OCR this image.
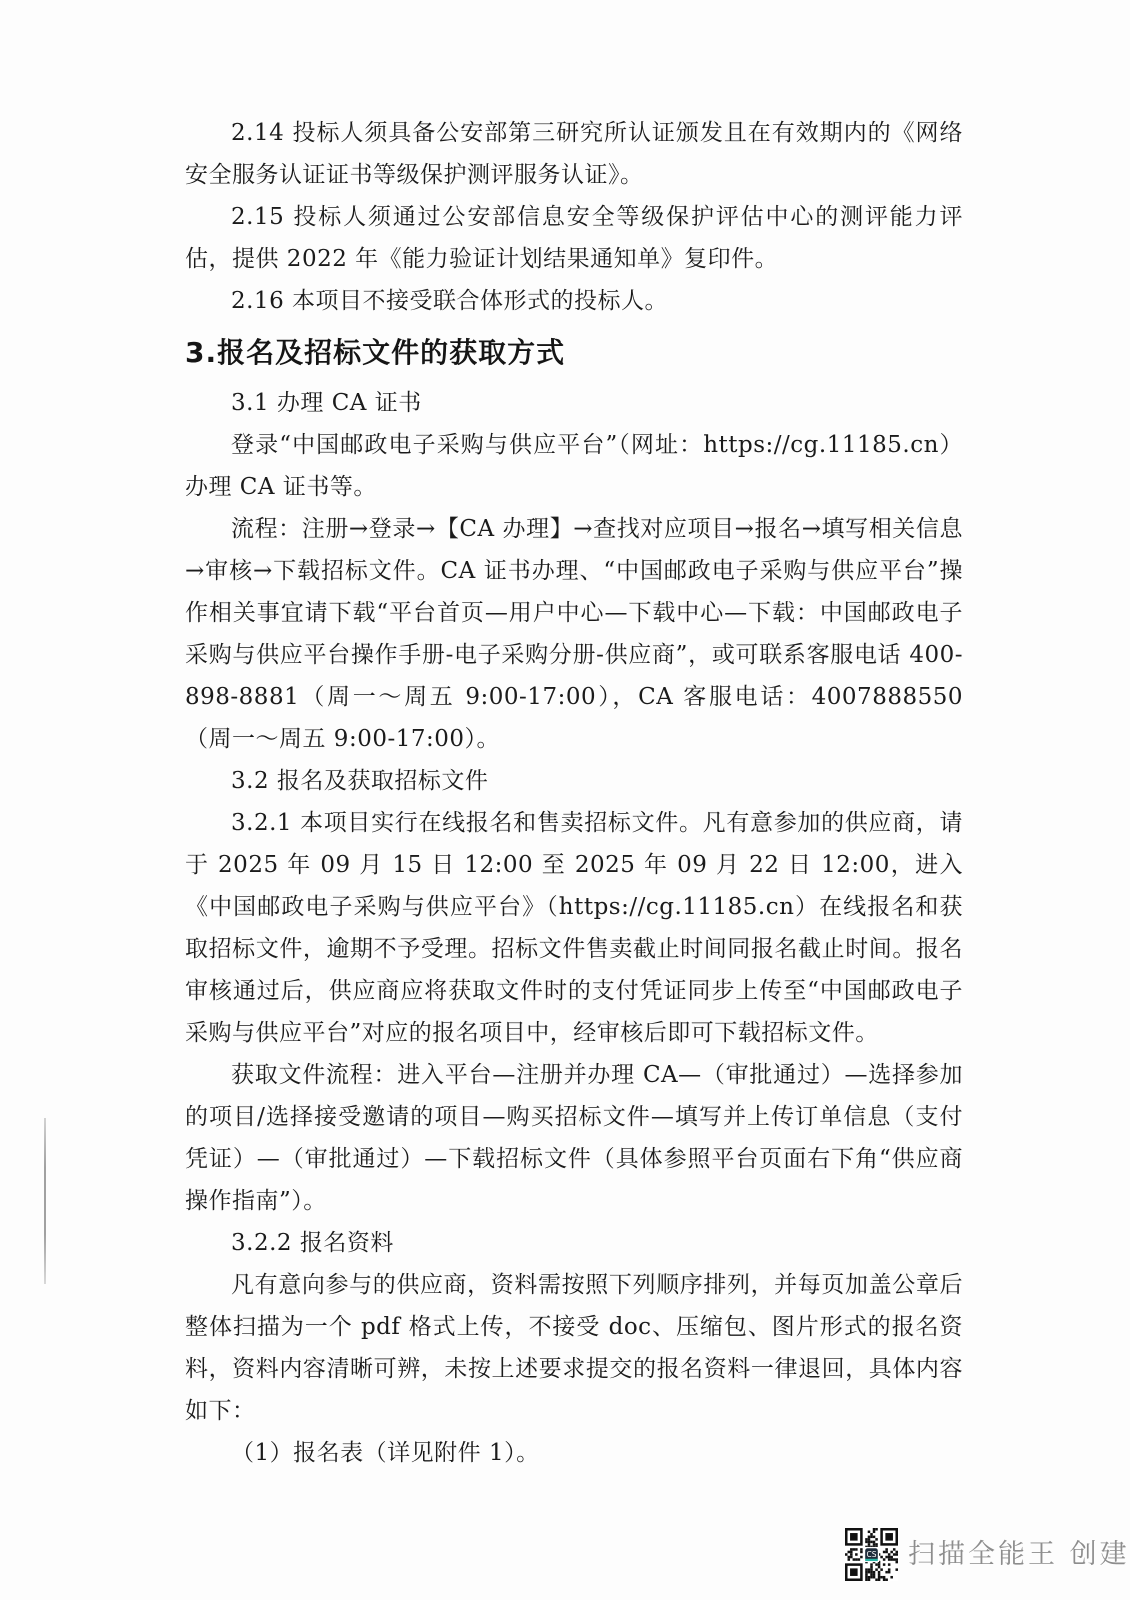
2.14 投标人须具备公安部第三研究所认证颁发且在有效期内的《网络安全服务认证证书等级保护测评服务认证》。

2.15 投标人须通过公安部信息安全等级保护评估中心的测评能力评估，提供 2022 年《能力验证计划结果通知单》复印件。

2.16 本项目不接受联合体形式的投标人。

3.报名及招标文件的获取方式

3.1 办理 CA 证书

登录“中国邮政电子采购与供应平台”（网址：https://cg.11185.cn）办理 CA 证书等。

流程：注册→登录→【CA 办理】→查找对应项目→报名→填写相关信息→审核→下载招标文件。CA 证书办理、“中国邮政电子采购与供应平台”操作相关事宜请下载“平台首页—用户中心—下载中心—下载：中国邮政电子采购与供应平台操作手册-电子采购分册-供应商”，或可联系客服电话 400-898-8881（周一～周五 9:00-17:00），CA 客服电话：4007888550 （周一～周五 9:00-17:00）。

3.2 报名及获取招标文件

3.2.1 本项目实行在线报名和售卖招标文件。凡有意参加的供应商，请于 2025 年 09 月 15 日 12:00 至 2025 年 09 月 22 日 12:00，进入《中国邮政电子采购与供应平台》（https://cg.11185.cn）在线报名和获取招标文件，逾期不予受理。招标文件售卖截止时间同报名截止时间。报名审核通过后，供应商应将获取文件时的支付凭证同步上传至“中国邮政电子采购与供应平台”对应的报名项目中，经审核后即可下载招标文件。

获取文件流程：进入平台—注册并办理 CA—（审批通过）—选择参加的项目/选择接受邀请的项目—购买招标文件—填写并上传订单信息（支付凭证）—（审批通过）—下载招标文件（具体参照平台页面右下角“供应商操作指南”）。

3.2.2 报名资料

凡有意向参与的供应商，资料需按照下列顺序排列，并每页加盖公章后整体扫描为一个 pdf 格式上传，不接受 doc、压缩包、图片形式的报名资料，资料内容清晰可辨，未按上述要求提交的报名资料一律退回，具体内容如下：

（1）报名表（详见附件 1）。

CS 扫描全能王 创建
